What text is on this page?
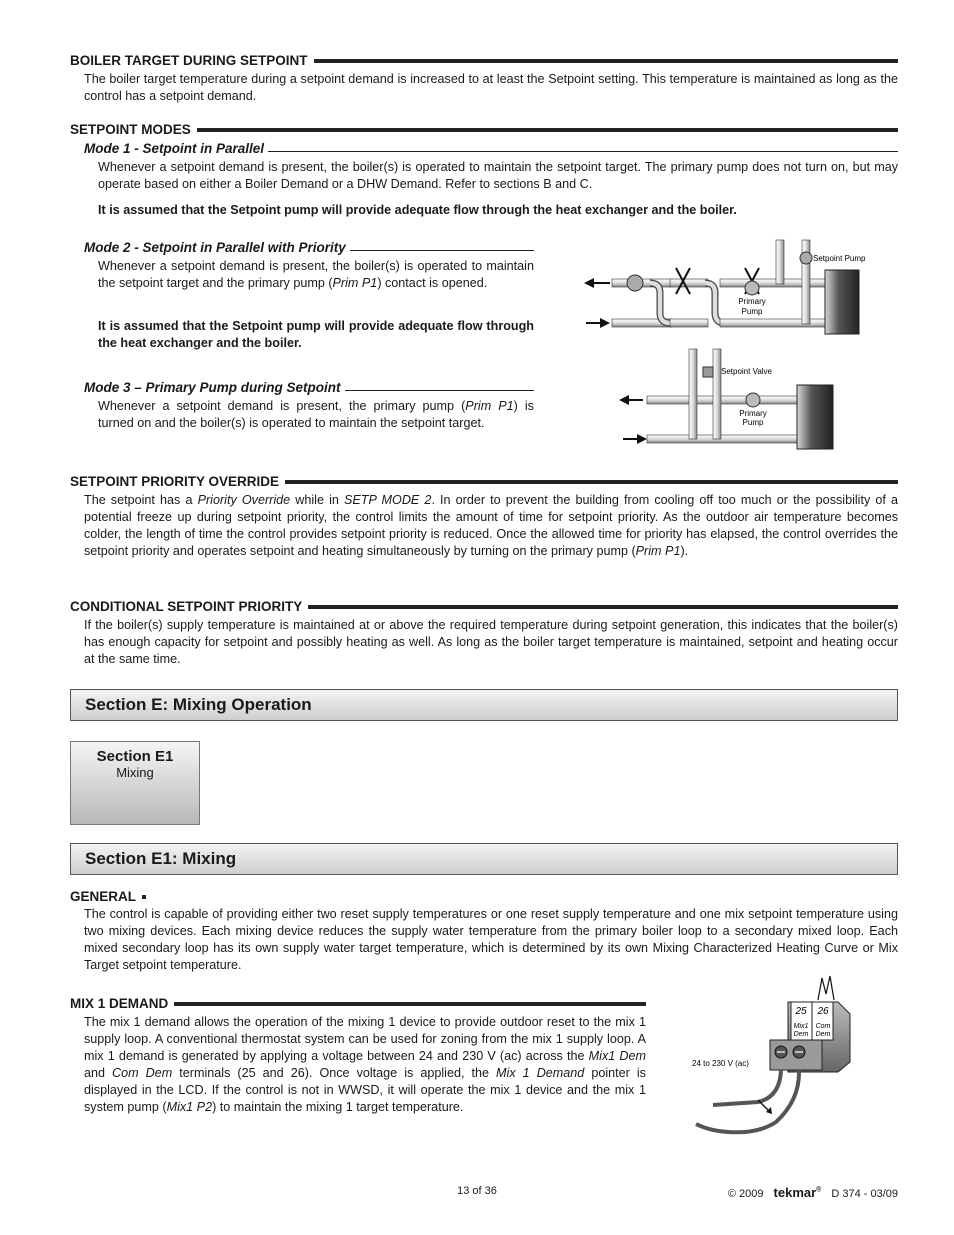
BOILER TARGET DURING SETPOINT

The boiler target temperature during a setpoint demand is increased to at least the Setpoint setting. This temperature is maintained as long as the control has a setpoint demand.

SETPOINT MODES
Mode 1 - Setpoint in Parallel

Whenever a setpoint demand is present, the boiler(s) is operated to maintain the setpoint target. The primary pump does not turn on, but may operate based on either a Boiler Demand or a DHW Demand. Refer to sections B and C.

It is assumed that the Setpoint pump will provide adequate flow through the heat exchanger and the boiler.

Mode 2 - Setpoint in Parallel with Priority

Whenever a setpoint demand is present, the boiler(s) is operated to maintain the setpoint target and the primary pump (Prim P1) contact is opened.

It is assumed that the Setpoint pump will provide adequate flow through the heat exchanger and the boiler.

Mode 3 – Primary Pump during Setpoint

Whenever a setpoint demand is present, the primary pump (Prim P1) is turned on and the boiler(s) is operated to maintain the setpoint target.

Primary
Pump
Setpoint Pump
Setpoint Valve
Primary
Pump
SETPOINT PRIORITY OVERRIDE

The setpoint has a Priority Override while in SETP MODE 2. In order to prevent the building from cooling off too much or the possibility of a potential freeze up during setpoint priority, the control limits the amount of time for setpoint priority. As the outdoor air temperature becomes colder, the length of time the control provides setpoint priority is reduced. Once the allowed time for priority has elapsed, the control overrides the setpoint priority and operates setpoint and heating simultaneously by turning on the primary pump (Prim P1).

CONDITIONAL SETPOINT PRIORITY

If the boiler(s) supply temperature is maintained at or above the required temperature during setpoint generation, this indicates that the boiler(s) has enough capacity for setpoint and possibly heating as well. As long as the boiler target temperature is maintained, setpoint and heating occur at the same time.

Section E: Mixing Operation
Section E1
Mixing
Section E1: Mixing
GENERAL

The control is capable of providing either two reset supply temperatures or one reset supply temperature and one mix setpoint temperature using two mixing devices. Each mixing device reduces the supply water temperature from the primary boiler loop to a secondary mixed loop. Each mixed secondary loop has its own supply water target temperature, which is determined by its own Mixing Characterized Heating Curve or Mix Target setpoint temperature.

MIX 1 DEMAND

The mix 1 demand allows the operation of the mixing 1 device to provide outdoor reset to the mix 1 supply loop. A conventional thermostat system can be used for zoning from the mix 1 supply loop. A mix 1 demand is generated by applying a voltage between 24 and 230 V (ac) across the Mix1 Dem and Com Dem terminals (25 and 26). Once voltage is applied, the Mix 1 Demand pointer is displayed in the LCD. If the control is not in WWSD, it will operate the mix 1 device and the mix 1 system pump (Mix1 P2) to maintain the mixing 1 target temperature.

25 26
Mix1
Dem
Com
Dem
24 to 230 V (ac)
13 of 36	© 2009 tekmar® D 374 - 03/09
